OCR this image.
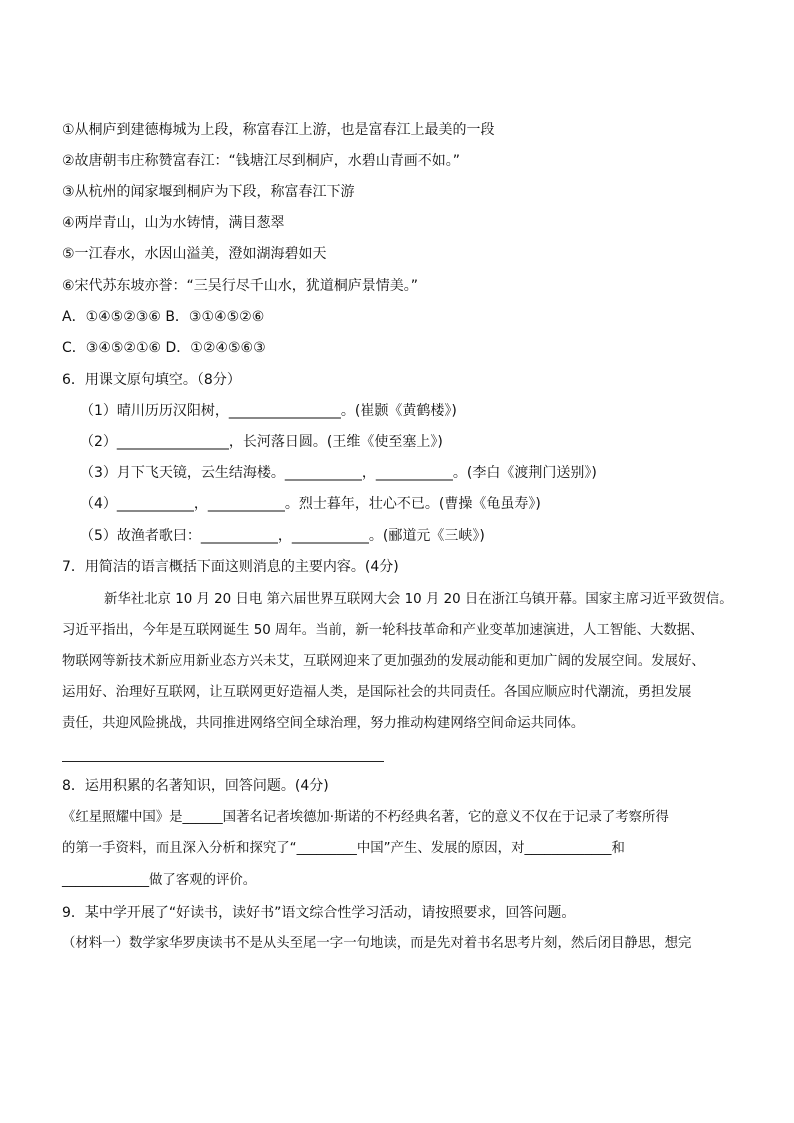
①从桐庐到建德梅城为上段，称富春江上游，也是富春江上最美的一段
②故唐朝韦庄称赞富春江：“钱塘江尽到桐庐，水碧山青画不如。”
③从杭州的闻家堰到桐庐为下段，称富春江下游
④两岸青山，山为水铸情，满目葱翠
⑤一江春水，水因山溢美，澄如湖海碧如天
⑥宋代苏东坡亦誉：“三吴行尽千山水，犹道桐庐景情美。”
A．①④⑤②③⑥ B．③①④⑤②⑥
C．③④⑤②①⑥ D．①②④⑤⑥③
6．用课文原句填空。（8分）
（1）晴川历历汉阳树，________________。(崔颢《黄鹤楼》)
（2）________________，长河落日圆。(王维《使至塞上》)
（3）月下飞天镜，云生结海楼。___________，___________。(李白《渡荆门送别》)
（4）___________，___________。烈士暮年，壮心不已。(曹操《龟虽寿》)
（5）故渔者歌曰：___________，___________。(郦道元《三峡》)
7．用简洁的语言概括下面这则消息的主要内容。(4分)
新华社北京 10 月 20 日电 第六届世界互联网大会 10 月 20 日在浙江乌镇开幕。国家主席习近平致贺信。
习近平指出，今年是互联网诞生 50 周年。当前，新一轮科技革命和产业变革加速演进，人工智能、大数据、
物联网等新技术新应用新业态方兴未艾，互联网迎来了更加强劲的发展动能和更加广阔的发展空间。发展好、
运用好、治理好互联网，让互联网更好造福人类，是国际社会的共同责任。各国应顺应时代潮流，勇担发展
责任，共迎风险挑战，共同推进网络空间全球治理，努力推动构建网络空间命运共同体。
8．运用积累的名著知识，回答问题。(4分)
《红星照耀中国》是______国著名记者埃德加·斯诺的不朽经典名著，它的意义不仅在于记录了考察所得
的第一手资料，而且深入分析和探究了“_________中国”产生、发展的原因，对_____________和
_____________做了客观的评价。
9．某中学开展了“好读书，读好书”语文综合性学习活动，请按照要求，回答问题。
（材料一）数学家华罗庚读书不是从头至尾一字一句地读，而是先对着书名思考片刻，然后闭目静思，想完
